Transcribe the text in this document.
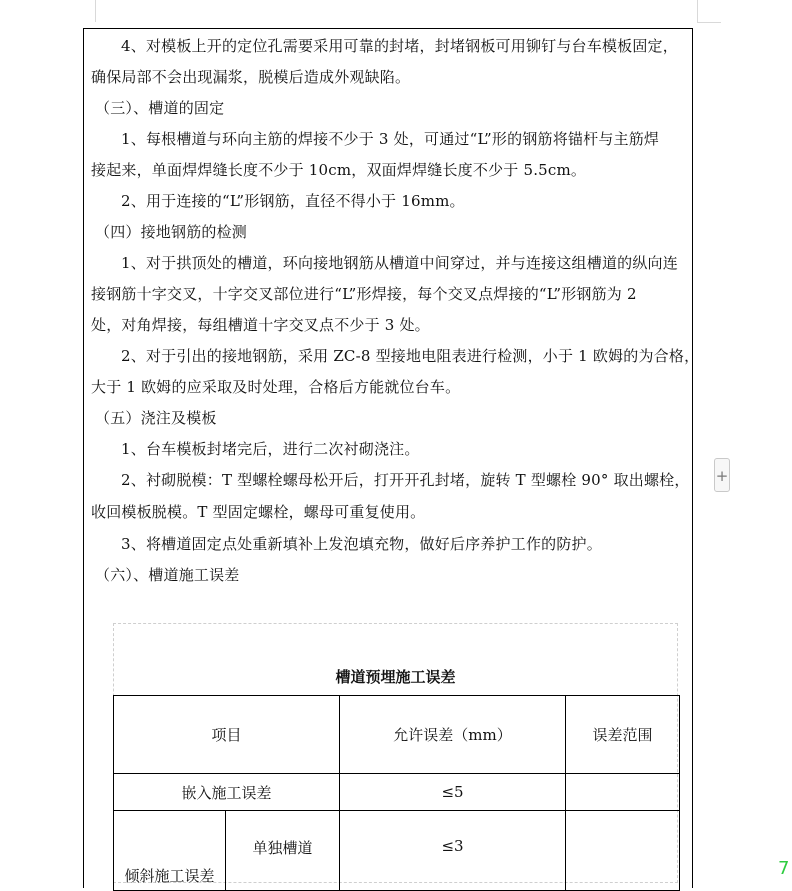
4、对模板上开的定位孔需要采用可靠的封堵，封堵钢板可用铆钉与台车模板固定，
确保局部不会出现漏浆，脱模后造成外观缺陷。
（三）、槽道的固定
1、每根槽道与环向主筋的焊接不少于 3 处，可通过“L”形的钢筋将锚杆与主筋焊
接起来，单面焊焊缝长度不少于 10cm，双面焊焊缝长度不少于 5.5cm。
2、用于连接的“L”形钢筋，直径不得小于 16mm。
（四）接地钢筋的检测
1、对于拱顶处的槽道，环向接地钢筋从槽道中间穿过，并与连接这组槽道的纵向连
接钢筋十字交叉，十字交叉部位进行“L”形焊接，每个交叉点焊接的“L”形钢筋为 2
处，对角焊接，每组槽道十字交叉点不少于 3 处。
2、对于引出的接地钢筋，采用 ZC-8 型接地电阻表进行检测，小于 1 欧姆的为合格，
大于 1 欧姆的应采取及时处理，合格后方能就位台车。
（五）浇注及模板
1、台车模板封堵完后，进行二次衬砌浇注。
2、衬砌脱模：T 型螺栓螺母松开后，打开开孔封堵，旋转 T 型螺栓 90° 取出螺栓，
收回模板脱模。T 型固定螺栓，螺母可重复使用。
3、将槽道固定点处重新填补上发泡填充物，做好后序养护工作的防护。
（六）、槽道施工误差
槽道预埋施工误差
项目		允许误差（mm）	误差范围
嵌入施工误差		≤5	
倾斜施工误差	单独槽道	≤3	
+
7
